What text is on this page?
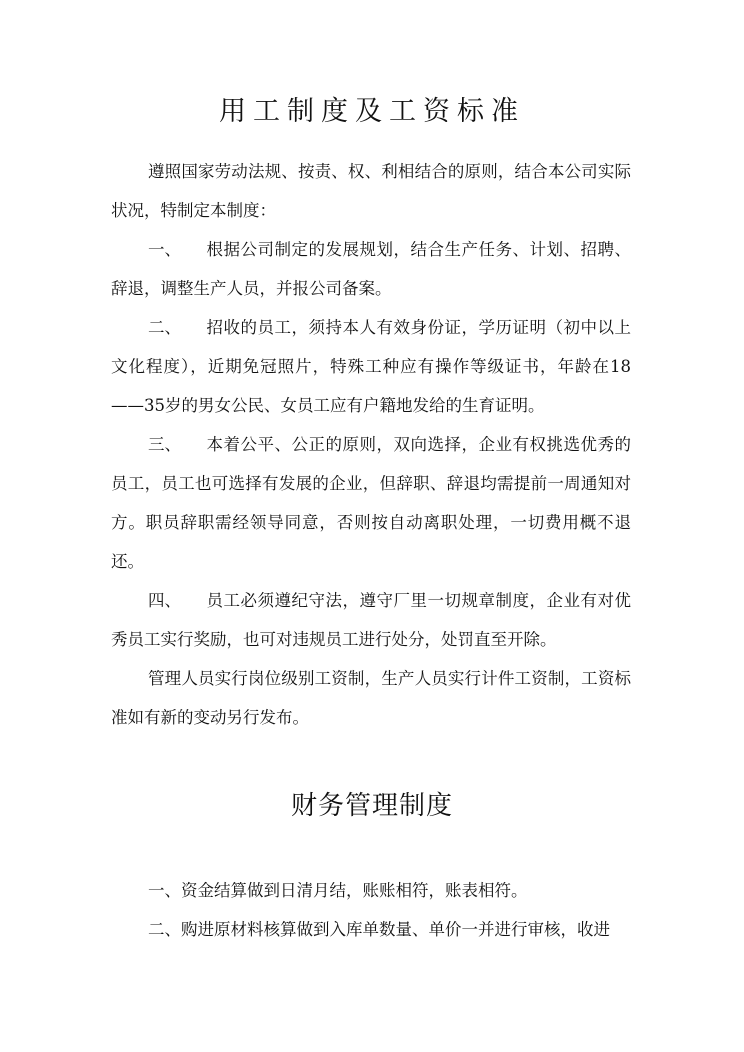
用工制度及工资标准
遵照国家劳动法规、按责、权、利相结合的原则，结合本公司实际状况，特制定本制度：
一、 根据公司制定的发展规划，结合生产任务、计划、招聘、辞退，调整生产人员，并报公司备案。
二、 招收的员工，须持本人有效身份证，学历证明（初中以上文化程度），近期免冠照片，特殊工种应有操作等级证书，年龄在18——35岁的男女公民、女员工应有户籍地发给的生育证明。
三、 本着公平、公正的原则，双向选择，企业有权挑选优秀的员工，员工也可选择有发展的企业，但辞职、辞退均需提前一周通知对方。职员辞职需经领导同意，否则按自动离职处理，一切费用概不退还。
四、 员工必须遵纪守法，遵守厂里一切规章制度，企业有对优秀员工实行奖励，也可对违规员工进行处分，处罚直至开除。
管理人员实行岗位级别工资制，生产人员实行计件工资制，工资标准如有新的变动另行发布。
财务管理制度
一、资金结算做到日清月结，账账相符，账表相符。
二、购进原材料核算做到入库单数量、单价一并进行审核，收进
